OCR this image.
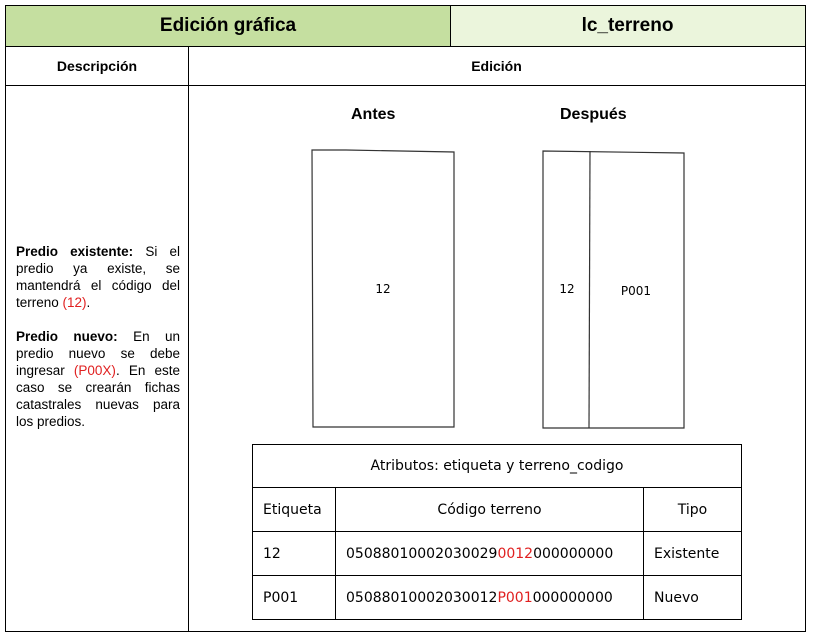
Edición gráfica	lc_terreno
Descripción	Edición

Predio existente: Si el predio ya existe, se mantendrá el código del terreno (12).

Predio nuevo: En un predio nuevo se debe ingresar (P00X). En este caso se crearán fichas catastrales nuevas para los predios.

Antes	Después
12	12	P001
Atributos: etiqueta y terreno_codigo		
Etiqueta	Código terreno	Tipo
12	050880100020300290012000000000	Existente
P001	05088010002030012P001000000000	Nuevo
